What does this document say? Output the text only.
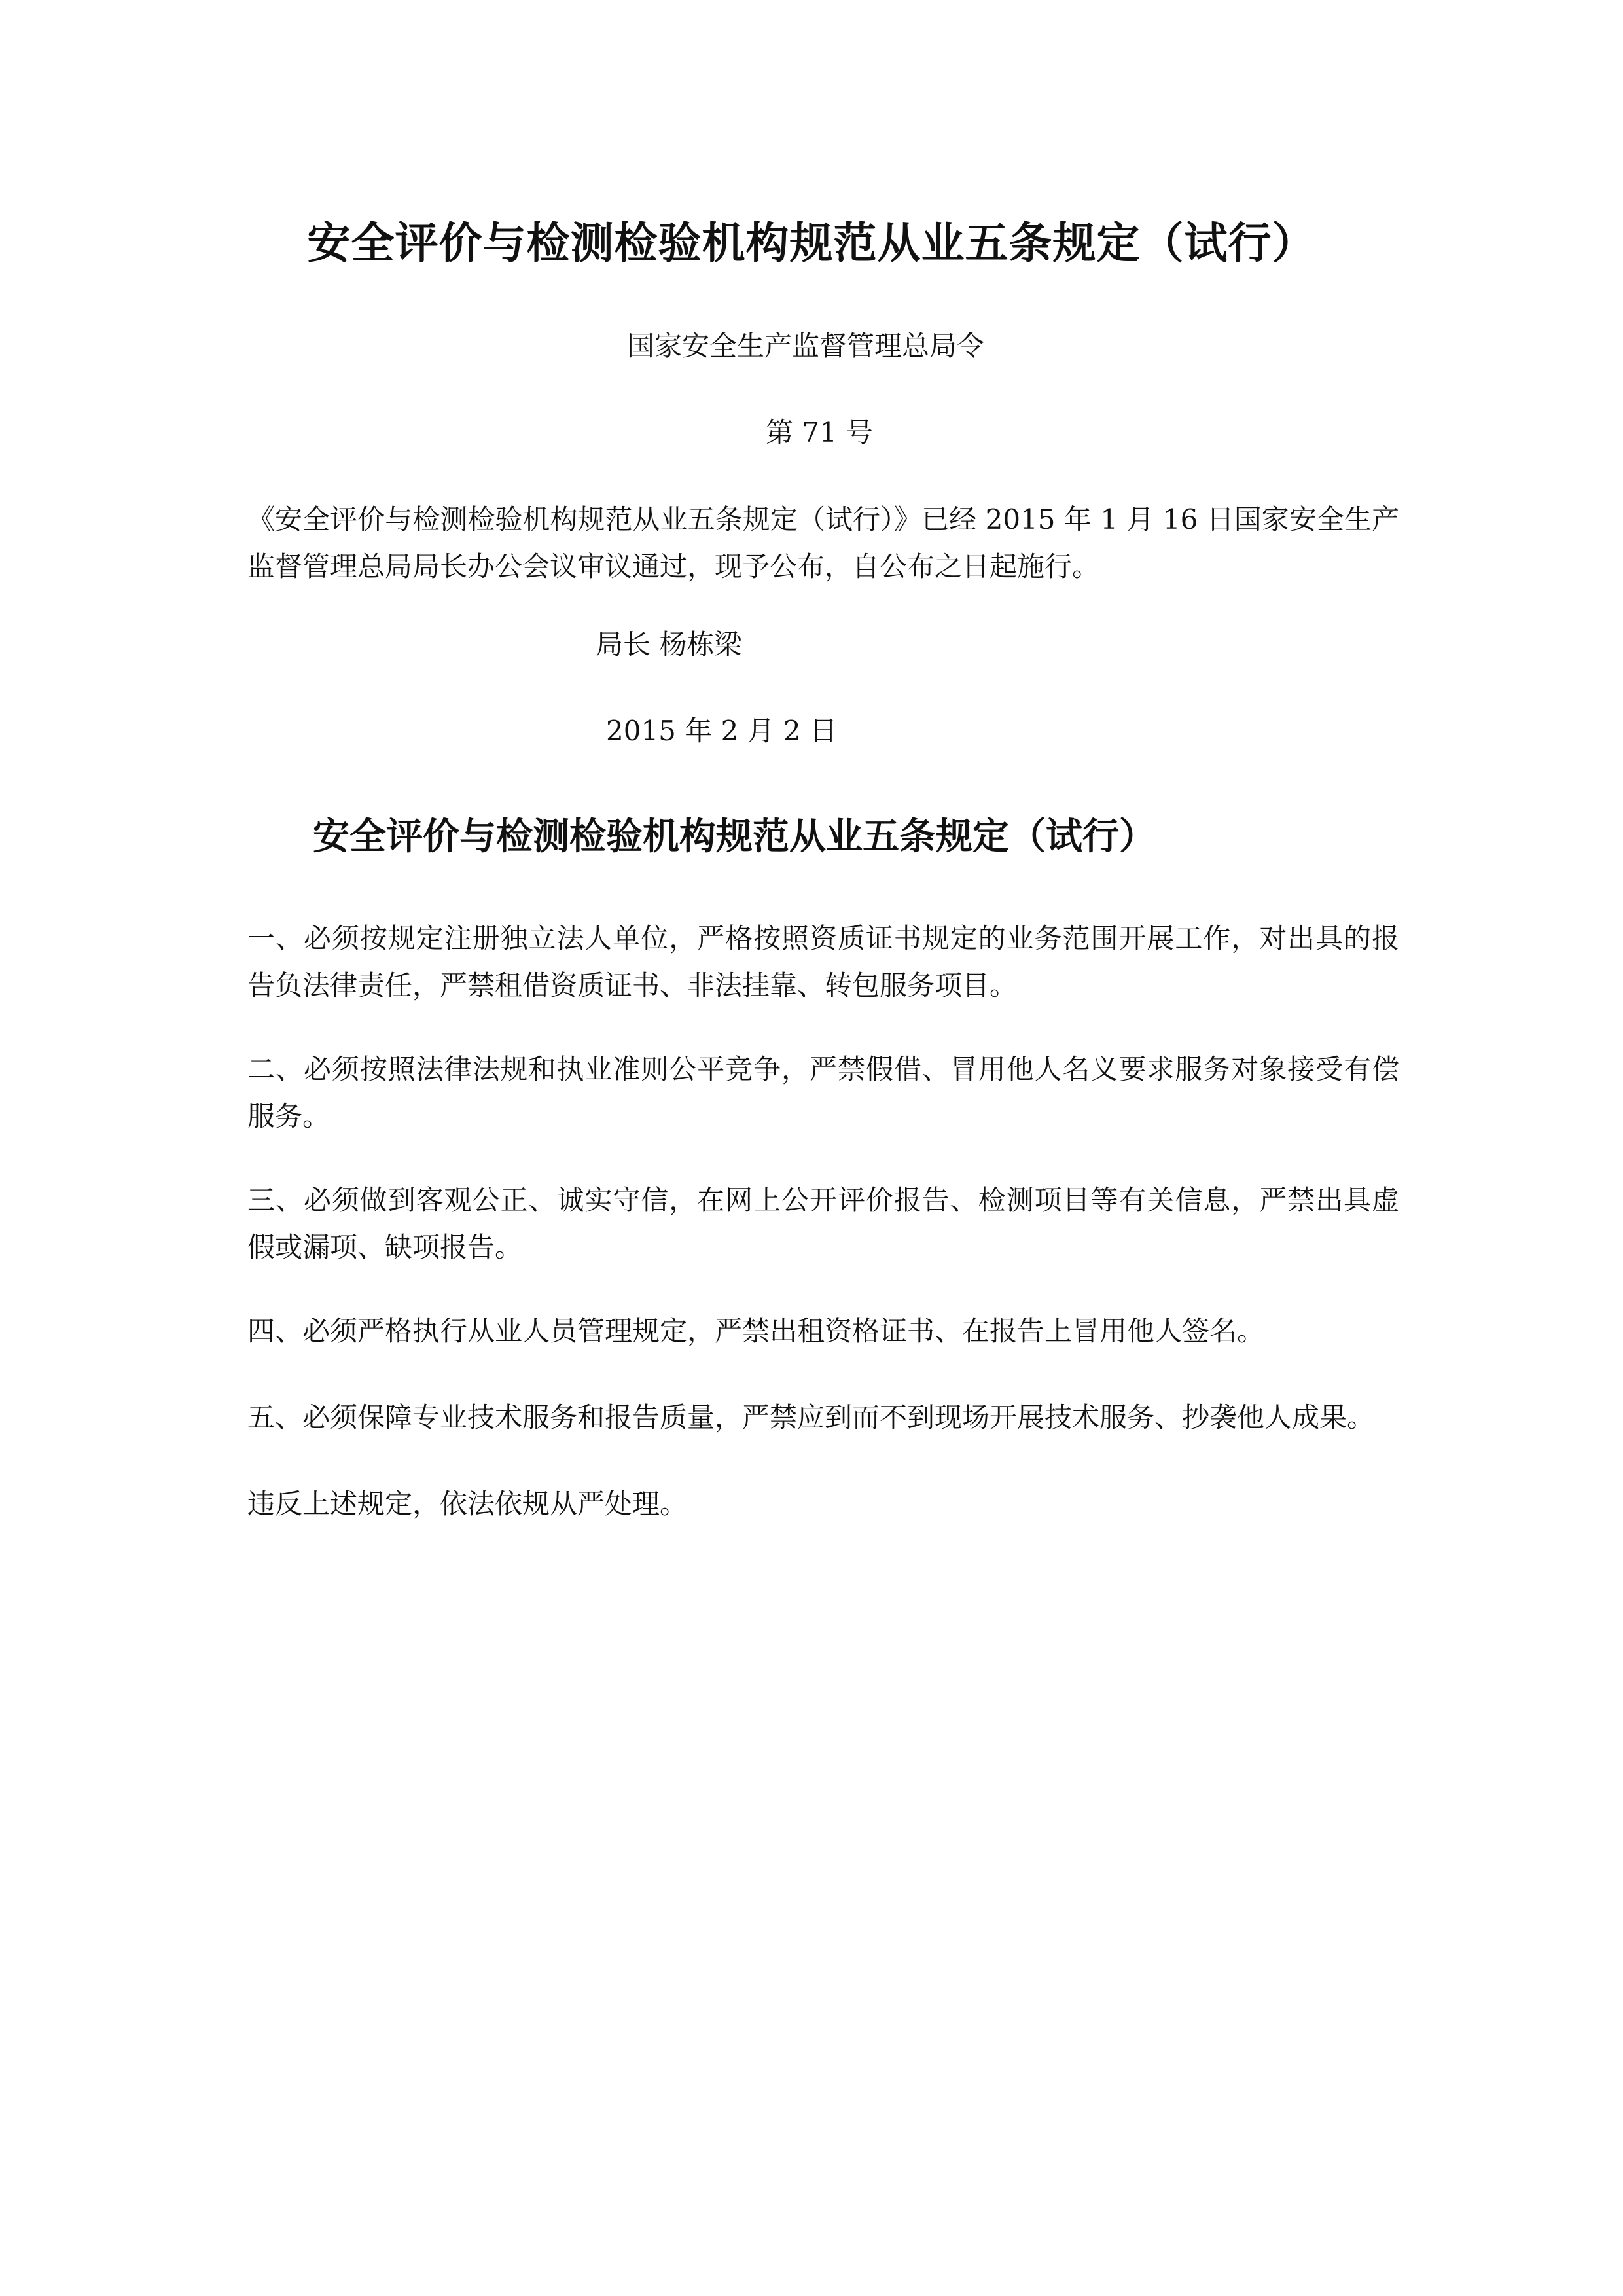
安全评价与检测检验机构规范从业五条规定（试行）
国家安全生产监督管理总局令
第 71 号
《安全评价与检测检验机构规范从业五条规定（试行）》已经 2015 年 1 月 16 日国家安全生产监督管理总局局长办公会议审议通过，现予公布，自公布之日起施行。
局长 杨栋梁
2015 年 2 月 2 日
安全评价与检测检验机构规范从业五条规定（试行）
一、必须按规定注册独立法人单位，严格按照资质证书规定的业务范围开展工作，对出具的报告负法律责任，严禁租借资质证书、非法挂靠、转包服务项目。
二、必须按照法律法规和执业准则公平竞争，严禁假借、冒用他人名义要求服务对象接受有偿服务。
三、必须做到客观公正、诚实守信，在网上公开评价报告、检测项目等有关信息，严禁出具虚假或漏项、缺项报告。
四、必须严格执行从业人员管理规定，严禁出租资格证书、在报告上冒用他人签名。
五、必须保障专业技术服务和报告质量，严禁应到而不到现场开展技术服务、抄袭他人成果。
违反上述规定，依法依规从严处理。
